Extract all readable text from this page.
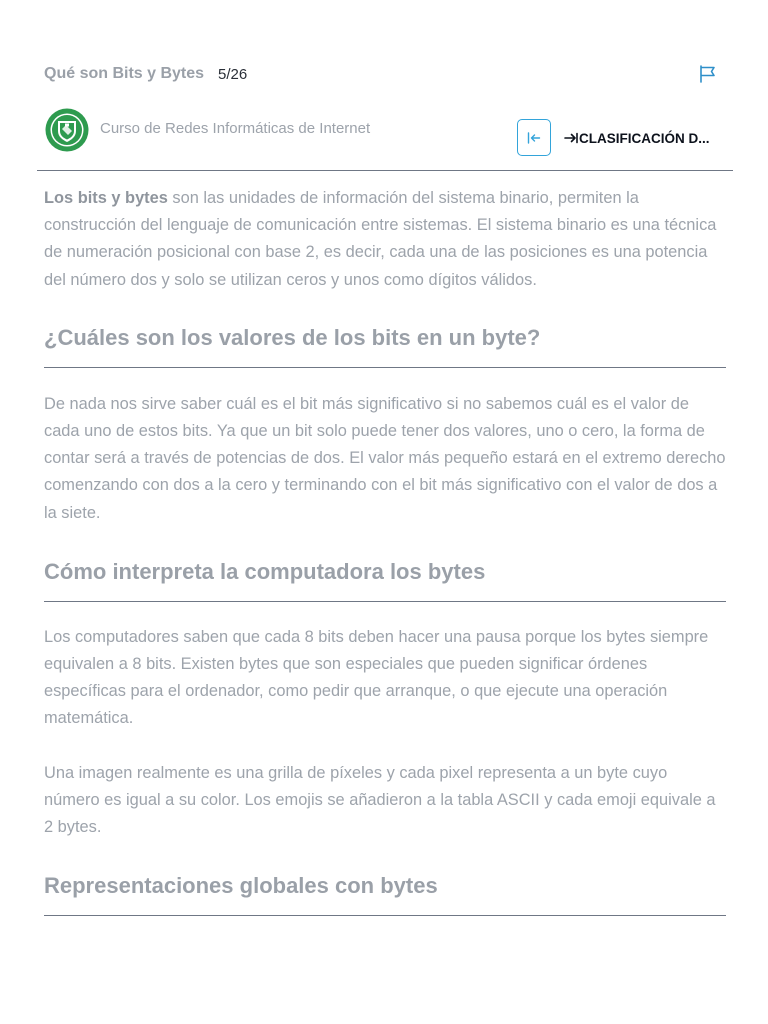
Qué son Bits y Bytes 5/26
Curso de Redes Informáticas de Internet
CLASIFICACIÓN D...

Los bits y bytes son las unidades de información del sistema binario, permiten la construcción del lenguaje de comunicación entre sistemas. El sistema binario es una técnica de numeración posicional con base 2, es decir, cada una de las posiciones es una potencia del número dos y solo se utilizan ceros y unos como dígitos válidos.

¿Cuáles son los valores de los bits en un byte?

De nada nos sirve saber cuál es el bit más significativo si no sabemos cuál es el valor de cada uno de estos bits. Ya que un bit solo puede tener dos valores, uno o cero, la forma de contar será a través de potencias de dos. El valor más pequeño estará en el extremo derecho comenzando con dos a la cero y terminando con el bit más significativo con el valor de dos a la siete.

Cómo interpreta la computadora los bytes

Los computadores saben que cada 8 bits deben hacer una pausa porque los bytes siempre equivalen a 8 bits. Existen bytes que son especiales que pueden significar órdenes específicas para el ordenador, como pedir que arranque, o que ejecute una operación matemática.

Una imagen realmente es una grilla de píxeles y cada pixel representa a un byte cuyo número es igual a su color. Los emojis se añadieron a la tabla ASCII y cada emoji equivale a 2 bytes.

Representaciones globales con bytes
